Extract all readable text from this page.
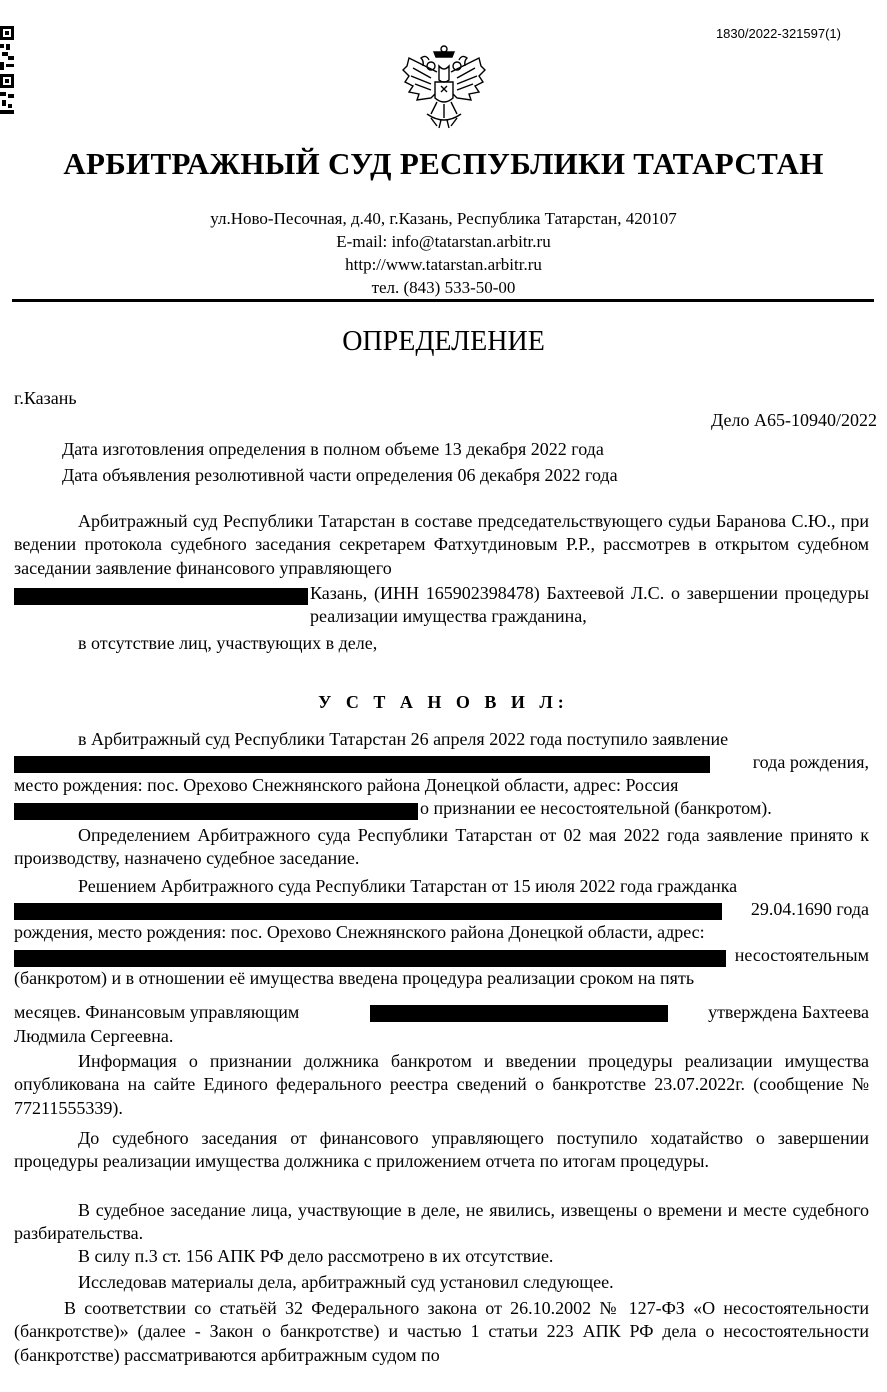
1830/2022-321597(1)
АРБИТРАЖНЫЙ СУД РЕСПУБЛИКИ ТАТАРСТАН
ул.Ново-Песочная, д.40, г.Казань, Республика Татарстан, 420107
E-mail: info@tatarstan.arbitr.ru
http://www.tatarstan.arbitr.ru
тел. (843) 533-50-00
ОПРЕДЕЛЕНИЕ
г.Казань
Дело А65-10940/2022
Дата изготовления определения в полном объеме 13 декабря 2022 года
Дата объявления резолютивной части определения 06 декабря 2022 года

Арбитражный суд Республики Татарстан в составе председательствующего судьи Баранова С.Ю., при ведении протокола судебного заседания секретарем Фатхутдиновым Р.Р., рассмотрев в открытом судебном заседании заявление финансового управляющего

Казань, (ИНН 165902398478) Бахтеевой Л.С. о завершении процедуры реализации имущества гражданина,

в отсутствие лиц, участвующих в деле,

У С Т А Н О В И Л:

в Арбитражный суд Республики Татарстан 26 апреля 2022 года поступило заявление

года рождения,

место рождения: пос. Орехово Снежнянского района Донецкой области, адрес: Россия

о признании ее несостоятельной (банкротом).

Определением Арбитражного суда Республики Татарстан от 02 мая 2022 года заявление принято к производству, назначено судебное заседание.

Решением Арбитражного суда Республики Татарстан от 15 июля 2022 года гражданка

29.04.1690 года

рождения, место рождения: пос. Орехово Снежнянского района Донецкой области, адрес:

несостоятельным

(банкротом) и в отношении её имущества введена процедура реализации сроком на пять

месяцев. Финансовым управляющим	утверждена Бахтеева

Людмила Сергеевна.

Информация о признании должника банкротом и введении процедуры реализации имущества опубликована на сайте Единого федерального реестра сведений о банкротстве 23.07.2022г. (сообщение № 77211555339).

До судебного заседания от финансового управляющего поступило ходатайство о завершении процедуры реализации имущества должника с приложением отчета по итогам процедуры.

В судебное заседание лица, участвующие в деле, не явились, извещены о времени и месте судебного разбирательства.

В силу п.3 ст. 156 АПК РФ дело рассмотрено в их отсутствие.

Исследовав материалы дела, арбитражный суд установил следующее.

В соответствии со статьёй 32 Федерального закона от 26.10.2002 № 127-ФЗ «О несостоятельности (банкротстве)» (далее - Закон о банкротстве) и частью 1 статьи 223 АПК РФ дела о несостоятельности (банкротстве) рассматриваются арбитражным судом по
